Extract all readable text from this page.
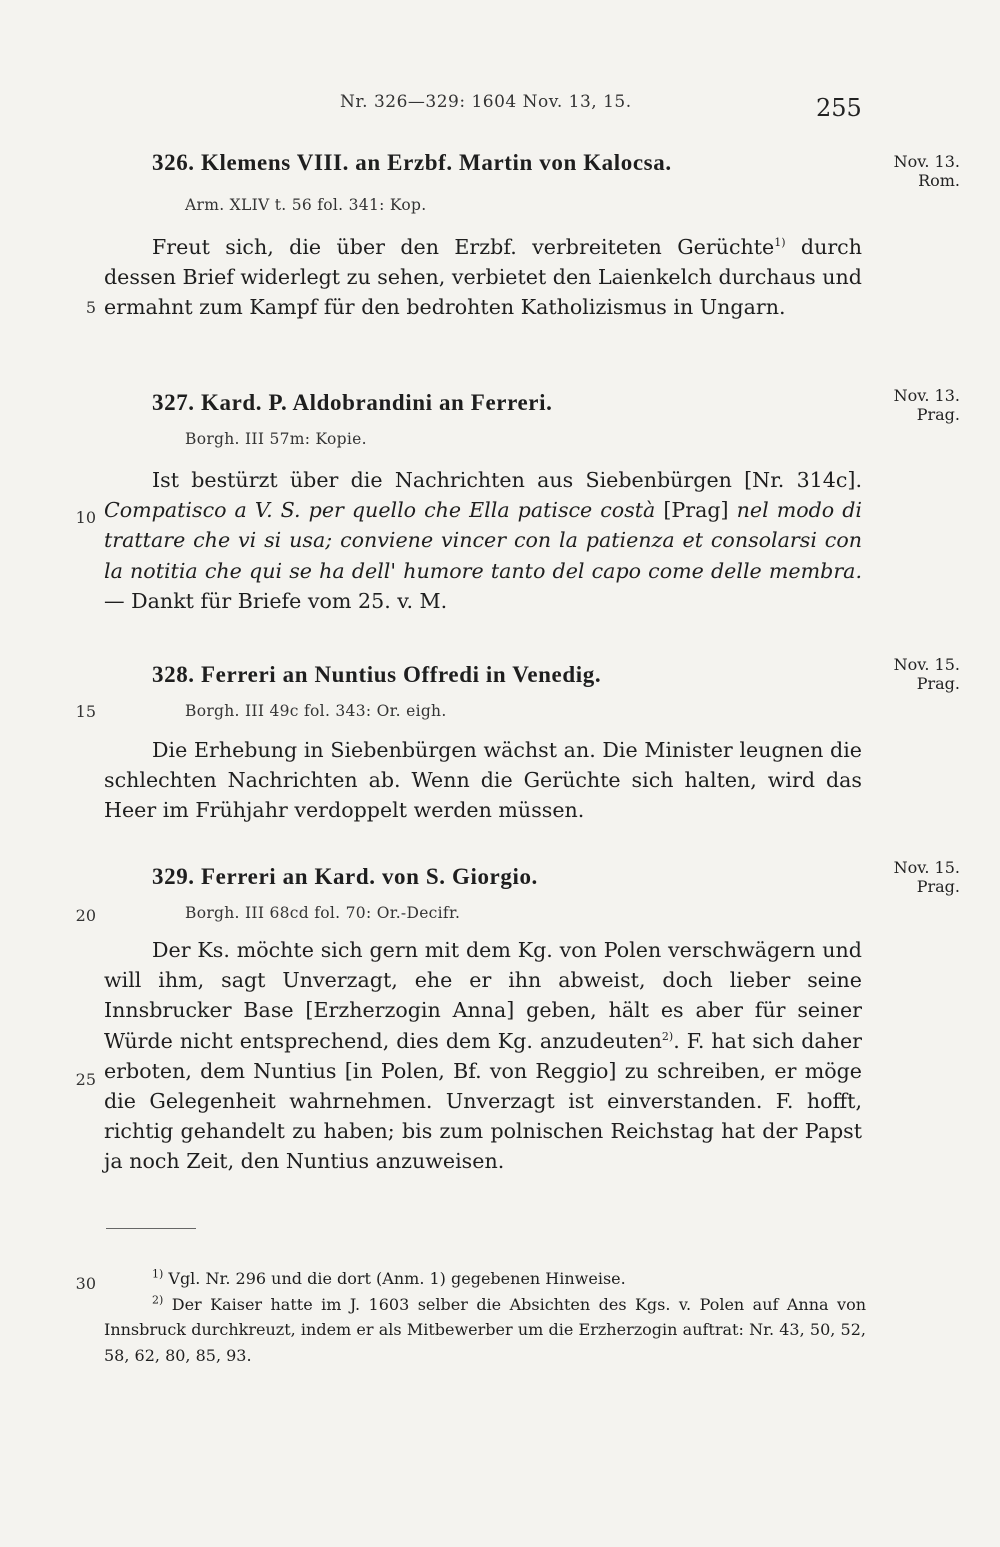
Nr. 326—329: 1604 Nov. 13, 15.	255
326. Klemens VIII. an Erzbf. Martin von Kalocsa.
Arm. XLIV t. 56 fol. 341: Kop.
Nov. 13.
Rom.
Freut sich, die über den Erzbf. verbreiteten Gerüchte$^{1)}$ durch dessen Brief widerlegt zu sehen, verbietet den Laienkelch durchaus und ermahnt zum Kampf für den bedrohten Katholizismus in Ungarn.
327. Kard. P. Aldobrandini an Ferreri.
Borgh. III 57m: Kopie.
Nov. 13.
Prag.
Ist bestürzt über die Nachrichten aus Siebenbürgen [Nr. 314c]. Compatisco a V. S. per quello che Ella patisce costà [Prag] nel modo di trattare che vi si usa; conviene vincer con la patienza et consolarsi con la notitia che qui se ha dell' humore tanto del capo come delle membra. — Dankt für Briefe vom 25. v. M.
328. Ferreri an Nuntius Offredi in Venedig.
Borgh. III 49c fol. 343: Or. eigh.
Nov. 15.
Prag.
Die Erhebung in Siebenbürgen wächst an. Die Minister leugnen die schlechten Nachrichten ab. Wenn die Gerüchte sich halten, wird das Heer im Frühjahr verdoppelt werden müssen.
329. Ferreri an Kard. von S. Giorgio.
Borgh. III 68cd fol. 70: Or.-Decifr.
Nov. 15.
Prag.
Der Ks. möchte sich gern mit dem Kg. von Polen verschwägern und will ihm, sagt Unverzagt, ehe er ihn abweist, doch lieber seine Innsbrucker Base [Erzherzogin Anna] geben, hält es aber für seiner Würde nicht entsprechend, dies dem Kg. anzudeuten$^{2)}$. F. hat sich daher erboten, dem Nuntius [in Polen, Bf. von Reggio] zu schreiben, er möge die Gelegenheit wahrnehmen. Unverzagt ist einverstanden. F. hofft, richtig gehandelt zu haben; bis zum polnischen Reichstag hat der Papst ja noch Zeit, den Nuntius anzuweisen.
5
10
15
20
25
30	$^{1)}$ Vgl. Nr. 296 und die dort (Anm. 1) gegebenen Hinweise.
$^{2)}$ Der Kaiser hatte im J. 1603 selber die Absichten des Kgs. v. Polen auf Anna von Innsbruck durchkreuzt, indem er als Mitbewerber um die Erzherzogin auftrat: Nr. 43, 50, 52, 58, 62, 80, 85, 93.
